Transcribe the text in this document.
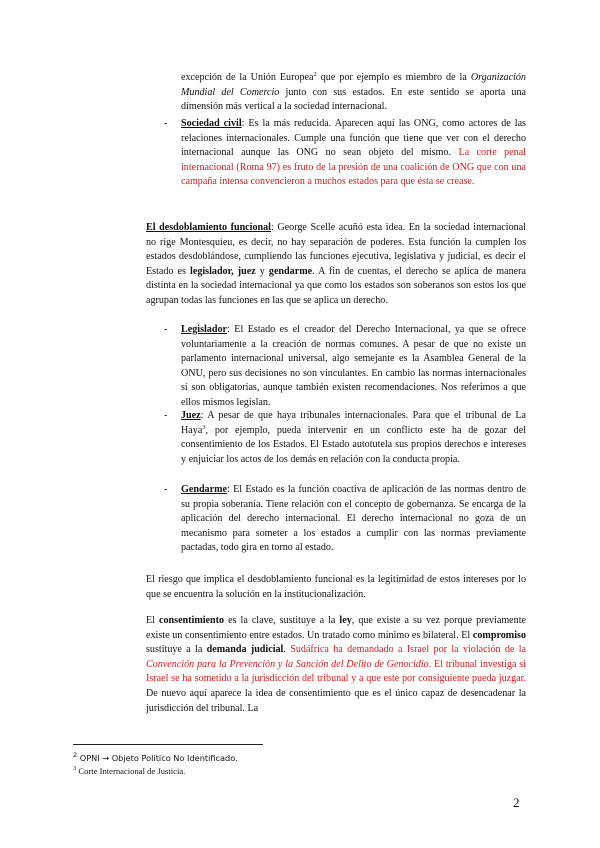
excepción de la Unión Europea$^2$ que por ejemplo es miembro de la Organización Mundial del Comercio junto con sus estados. En este sentido se aporta una dimensión más vertical a la sociedad internacional.

-	Sociedad civil: Es la más reducida. Aparecen aquí las ONG, como actores de las relaciones internacionales. Cumple una función que tiene que ver con el derecho internacional aunque las ONG no sean objeto del mismo. La corte penal internacional (Roma 97) es fruto de la presión de una coalición de ONG que con una campaña intensa convencieron a muchos estados para que ésta se crease.

El desdoblamiento funcional: George Scelle acuñó esta idea. En la sociedad internacional no rige Montesquieu, es decir, no hay separación de poderes. Esta función la cumplen los estados desdoblándose, cumpliendo las funciones ejecutiva, legislativa y judicial, es decir el Estado es legislador, juez y gendarme. A fin de cuentas, el derecho se aplica de manera distinta en la sociedad internacional ya que como los estados son soberanos son estos los que agrupan todas las funciones en las que se aplica un derecho.

-	Legislador: El Estado es el creador del Derecho Internacional, ya que se ofrece voluntariamente a la creación de normas comunes. A pesar de que no existe un parlamento internacional universal, algo semejante es la Asamblea General de la ONU, pero sus decisiones no son vinculantes. En cambio las normas internacionales sí son obligatorias, aunque también existen recomendaciones. Nos referimos a que ellos mismos legislan.

-	Juez: A pesar de que haya tribunales internacionales. Para que el tribunal de La Haya$^3$, por ejemplo, pueda intervenir en un conflicto este ha de gozar del consentimiento de los Estados. El Estado autotutela sus propios derechos e intereses y enjuiciar los actos de los demás en relación con la conducta propia.

-	Gendarme: El Estado es la función coactiva de aplicación de las normas dentro de su propia soberanía. Tiene relación con el concepto de gobernanza. Se encarga de la aplicación del derecho internacional. El derecho internacional no goza de un mecanismo para someter a los estados a cumplir con las normas previamente pactadas, todo gira en torno al estado.

El riesgo que implica el desdoblamiento funcional es la legitimidad de estos intereses por lo que se encuentra la solución en la institucionalización.

El consentimiento es la clave, sustituye a la ley, que existe a su vez porque previamente existe un consentimiento entre estados. Un tratado como mínimo es bilateral. El compromiso sustituye a la demanda judicial. Sudáfrica ha demandado a Israel por la violación de la Convención para la Prevención y la Sanción del Delito de Genocidio. El tribunal investiga si Israel se ha sometido a la jurisdicción del tribunal y a que este por consiguiente pueda juzgar. De nuevo aquí aparece la idea de consentimiento que es el único capaz de desencadenar la jurisdicción del tribunal. La

$^2$ OPNI → Objeto Político No Identificado.
$^3$ Corte Internacional de Justicia.
2
